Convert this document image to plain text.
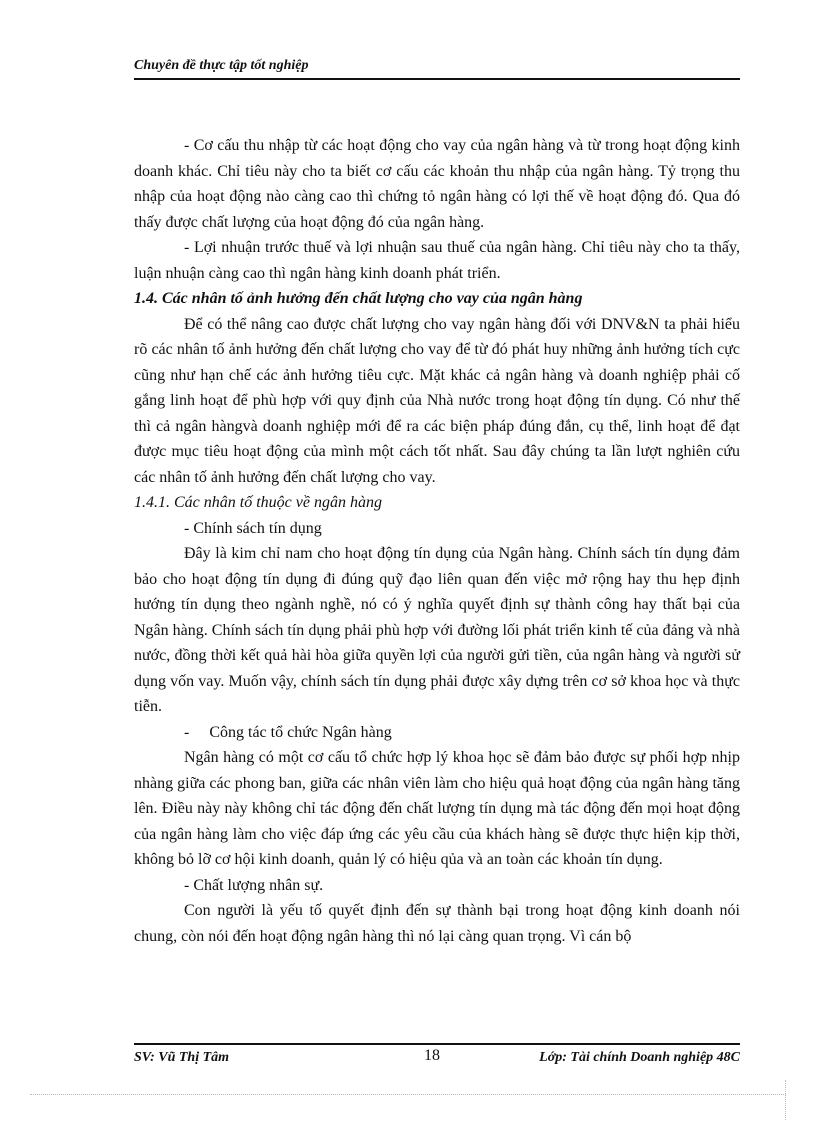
Chuyên đề thực tập tốt nghiệp

- Cơ cấu thu nhập từ các hoạt động cho vay của ngân hàng và từ trong hoạt động kinh doanh khác. Chỉ tiêu này cho ta biết cơ cấu các khoản thu nhập của ngân hàng. Tỷ trọng thu nhập của hoạt động nào càng cao thì chứng tỏ ngân hàng có lợi thế về hoạt động đó. Qua đó thấy được chất lượng của hoạt động đó của ngân hàng.

- Lợi nhuận trước thuế và lợi nhuận sau thuế của ngân hàng. Chỉ tiêu này cho ta thấy, luận nhuận càng cao thì ngân hàng kinh doanh phát triển.

1.4. Các nhân tố ảnh hưởng đến chất lượng cho vay của ngân hàng

Để có thể nâng cao được chất lượng cho vay ngân hàng đối với DNV&N ta phải hiểu rõ các nhân tố ảnh hưởng đến chất lượng cho vay để từ đó phát huy những ảnh hưởng tích cực cũng như hạn chế các ảnh hưởng tiêu cực. Mặt khác cả ngân hàng và doanh nghiệp phải cố gắng linh hoạt để phù hợp với quy định của Nhà nước trong hoạt động tín dụng. Có như thế thì cả ngân hàngvà doanh nghiệp mới để ra các biện pháp đúng đắn, cụ thể, linh hoạt để đạt được mục tiêu hoạt động của mình một cách tốt nhất. Sau đây chúng ta lần lượt nghiên cứu các nhân tố ảnh hưởng đến chất lượng cho vay.

1.4.1. Các nhân tố thuộc về ngân hàng

- Chính sách tín dụng

Đây là kim chỉ nam cho hoạt động tín dụng của Ngân hàng. Chính sách tín dụng đảm bảo cho hoạt động tín dụng đi đúng quỹ đạo liên quan đến việc mở rộng hay thu hẹp định hướng tín dụng theo ngành nghề, nó có ý nghĩa quyết định sự thành công hay thất bại của Ngân hàng. Chính sách tín dụng phải phù hợp với đường lối phát triển kinh tế của đảng và nhà nước, đồng thời kết quả hài hòa giữa quyền lợi của người gửi tiền, của ngân hàng và người sử dụng vốn vay. Muốn vậy, chính sách tín dụng phải được xây dựng trên cơ sở khoa học và thực tiễn.

-     Công tác tổ chức Ngân hàng

Ngân hàng có một cơ cấu tổ chức hợp lý khoa học sẽ đảm bảo được sự phối hợp nhịp nhàng giữa các phong ban, giữa các nhân viên làm cho hiệu quả hoạt động của ngân hàng tăng lên. Điều này này không chỉ tác động đến chất lượng tín dụng mà tác động đến mọi hoạt động của ngân hàng làm cho việc đáp ứng các yêu cầu của khách hàng sẽ được thực hiện kịp thời, không bỏ lỡ cơ hội kinh doanh, quản lý có hiệu qủa và an toàn các khoản tín dụng.

- Chất lượng nhân sự.

Con người là yếu tố quyết định đến sự thành bại trong hoạt động kinh doanh nói chung, còn nói đến hoạt động ngân hàng thì nó lại càng quan trọng. Vì cán bộ

SV: Vũ Thị Tâm	18	Lớp: Tài chính Doanh nghiệp 48C
